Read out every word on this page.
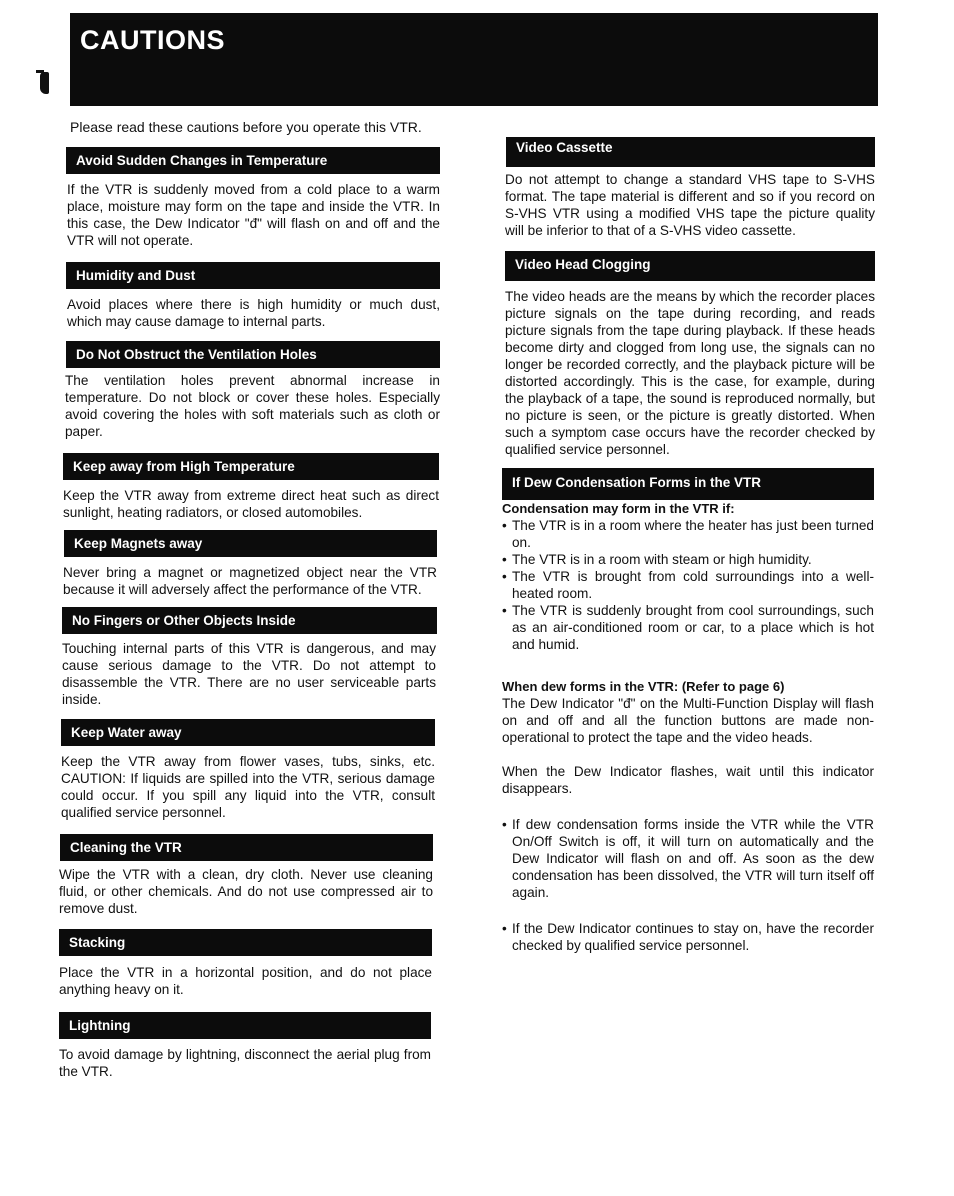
CAUTIONS
Please read these cautions before you operate this VTR.
Avoid Sudden Changes in Temperature
If the VTR is suddenly moved from a cold place to a warm place, moisture may form on the tape and inside the VTR. In this case, the Dew Indicator "đ" will flash on and off and the VTR will not operate.
Humidity and Dust
Avoid places where there is high humidity or much dust, which may cause damage to internal parts.
Do Not Obstruct the Ventilation Holes
The ventilation holes prevent abnormal increase in temperature. Do not block or cover these holes. Especially avoid covering the holes with soft materials such as cloth or paper.
Keep away from High Temperature
Keep the VTR away from extreme direct heat such as direct sunlight, heating radiators, or closed automobiles.
Keep Magnets away
Never bring a magnet or magnetized object near the VTR because it will adversely affect the performance of the VTR.
No Fingers or Other Objects Inside
Touching internal parts of this VTR is dangerous, and may cause serious damage to the VTR. Do not attempt to disassemble the VTR. There are no user serviceable parts inside.
Keep Water away
Keep the VTR away from flower vases, tubs, sinks, etc. CAUTION: If liquids are spilled into the VTR, serious damage could occur. If you spill any liquid into the VTR, consult qualified service personnel.
Cleaning the VTR
Wipe the VTR with a clean, dry cloth. Never use cleaning fluid, or other chemicals. And do not use compressed air to remove dust.
Stacking
Place the VTR in a horizontal position, and do not place anything heavy on it.
Lightning
To avoid damage by lightning, disconnect the aerial plug from the VTR.
Video Cassette
Do not attempt to change a standard VHS tape to S-VHS format. The tape material is different and so if you record on S-VHS VTR using a modified VHS tape the picture quality will be inferior to that of a S-VHS video cassette.
Video Head Clogging
The video heads are the means by which the recorder places picture signals on the tape during recording, and reads picture signals from the tape during playback. If these heads become dirty and clogged from long use, the signals can no longer be recorded correctly, and the playback picture will be distorted accordingly. This is the case, for example, during the playback of a tape, the sound is reproduced normally, but no picture is seen, or the picture is greatly distorted. When such a symptom case occurs have the recorder checked by qualified service personnel.
If Dew Condensation Forms in the VTR

Condensation may form in the VTR if:

• The VTR is in a room where the heater has just been turned on.
• The VTR is in a room with steam or high humidity.
• The VTR is brought from cold surroundings into a well-heated room.
• The VTR is suddenly brought from cool surroundings, such as an air-conditioned room or car, to a place which is hot and humid.

When dew forms in the VTR: (Refer to page 6)

The Dew Indicator "đ" on the Multi-Function Display will flash on and off and all the function buttons are made non-operational to protect the tape and the video heads.

When the Dew Indicator flashes, wait until this indicator disappears.

• If dew condensation forms inside the VTR while the VTR On/Off Switch is off, it will turn on automatically and the Dew Indicator will flash on and off. As soon as the dew condensation has been dissolved, the VTR will turn itself off again.
• If the Dew Indicator continues to stay on, have the recorder checked by qualified service personnel.
